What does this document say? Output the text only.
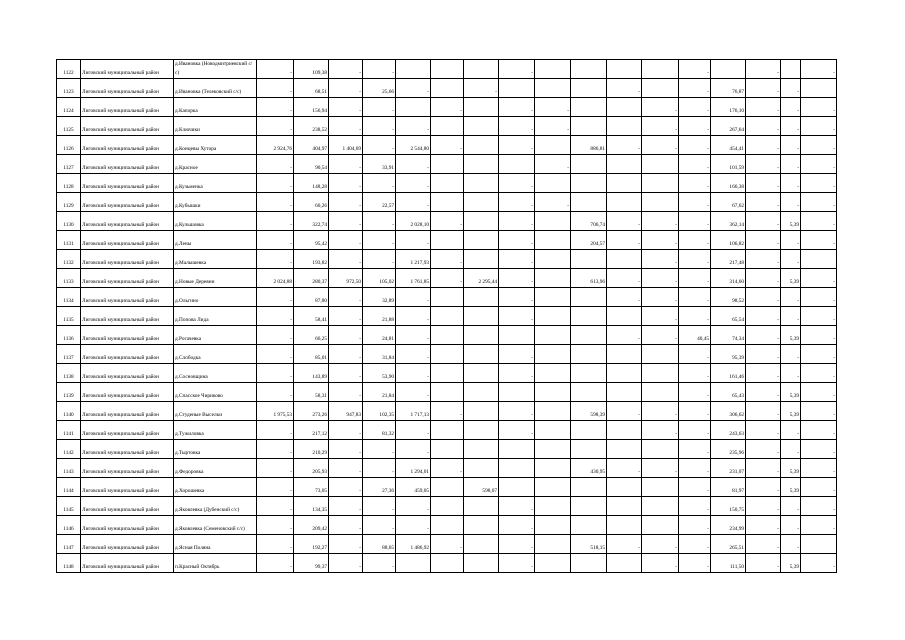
1122	Лиговский муниципальный район	д.Ивановка (Новодмитриевский с/с)	-	109,38	-	-				-					-		-		-	
1123	Лиговский муниципальный район	д.Ивановка (Телековский с/с)	-	68,51	-	25,66	-		-				-		-	76,87	-	-		
1124	Лиговский муниципальный район	д.Капорка	-	156,94	-	-		-		-	-			-	-	176,10	-	-	-	
1125	Лиговский муниципальный район	д.Ключики	-	238,52	-	-	-			-	-			-	-	267,64	-	-	-	
1126	Лиговский муниципальный район	д.Концевы Хутора	2 924,76	404,97	1 404,69	-	2 544,80	-		-		886,81	-	-	-	454,41	-	-	-	
1127	Лиговский муниципальный район	д.Красное	-	90,54	-	33,91	-				-				-	101,59	-	-	-	
1128	Лиговский муниципальный район	д.Кузьменка	-	148,28	-	-	-			-					-	166,38	-	-	-	
1129	Лиговский муниципальный район	д.Кубышки	-	60,26	-	22,57	-			-	-				-	67,62	-	-	-	
1130	Лиговский муниципальный район	д.Кульшовка	-	322,74	-	-	2 028,10	-		-		706,74	-	-	-	362,14	-	5,39	-	
1131	Лиговский муниципальный район	д.Лены	-	95,42	-	-	-			-		204,57	-	-	-	106,82	-	-	-	
1132	Лиговский муниципальный район	д.Малышевка	-	193,82	-	-	1 217,93	-		-				-	-	217,48	-	-		
1133	Лиговский муниципальный район	д.Новые Деревни	2 024,88	280,37	972,50	105,02	1 761,85	-	2 295,44	-		613,96	-	-	-	314,60	-	5,39	-	
1134	Лиговский муниципальный район	д.Ольгино	-	87,80	-	32,89	-			-			-	-	-	98,52	-	-	-	
1135	Лиговский муниципальный район	д.Попова Лида	-	58,41	-	21,88	-			-				-	-	65,54	-	-	-	
1136	Лиговский муниципальный район	д.Рогачевка	-	66,25	-	24,81	-						-	-	40,45	74,34	-	5,39	-	
1137	Лиговский муниципальный район	д.Слободка	-	85,01	-	31,84	-			-					-	95,39	-	-	-	
1138	Лиговский муниципальный район	д.Сосновщина	-	143,89	-	53,90	-			-					-	161,46	-	-	-	
1139	Лиговский муниципальный район	д.Спасское Чириково	-	58,31	-	21,84	-								-	65,43	-	5,39	-	
1140	Лиговский муниципальный район	д.Студеные Выселки	1 975,53	273,26	947,83	102,35	1 717,13	-		-		598,39	-	-	-	306,62	-	5,39	-	
1141	Лиговский муниципальный район	д.Тужиловка	-	217,12	-	81,32	-			-				-	-	243,63	-	-	-	
1142	Лиговский муниципальный район	д.Тыртовка	-	210,29	-	-	-								-	235,96	-	-	-	
1143	Лиговский муниципальный район	д.Федоровка	-	205,93	-	-	1 294,01	-				430,95	-	-	-	231,07	-	5,39	-	
1144	Лиговский муниципальный район	д.Хорошевка	-	73,05	-	27,36	459,05		598,07						-	81,97	-	5,39	-	
1145	Лиговский муниципальный район	д.Яковлевка (Дубенский с/с)	-	134,35	-	-	-			-					-	150,75	-	-	-	
1146	Лиговский муниципальный район	д.Яковлевка (Семеновский с/с)	-	209,42	-	-	-			-					-	234,99	-	-	-	
1147	Лиговский муниципальный район	д.Ясная Поляна	-	192,27	-	88,65	1 486,92	-		-		518,15	-	-	-	265,51	-	-		
1148	Лиговский муниципальный район	п.Красный Октябрь	-	99,37	-	-				-				-	-	111,50	-	5,39	-	
